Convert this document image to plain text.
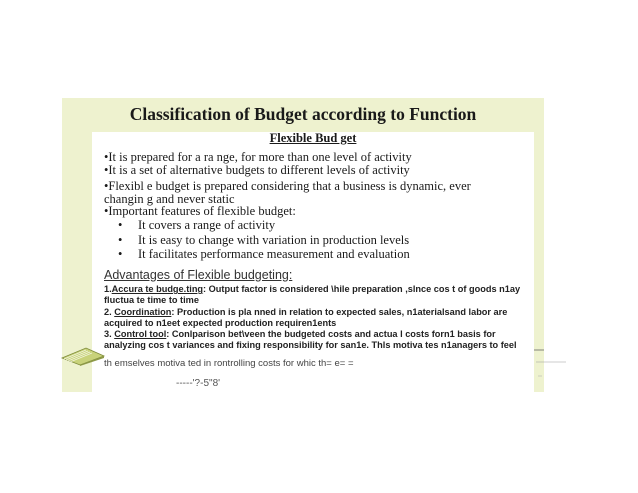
Classification of Budget according to Function
Flexible Bud get
•It is prepared for a ra nge, for more than one level of activity
•It is a set of alternative budgets to different levels of activity
•Flexibl e budget is prepared considering that a business is dynamic, ever
changin g and never static
•Important features of flexible budget:
• It covers a range of activity
• It is easy to change with variation in production levels
• It facilitates performance measurement and evaluation
Advantages of Flexible budgeting:
1.Accura te budge.ting: Output factor is considered \hile preparation ,slnce cos t of goods n1ay
fluctua te time to time
2. Coordination: Production is pla nned in relation to expected sales, n1aterialsand labor are
acquired to n1eet expected production requiren1ents
3. Control tool: Conlparison bet\veen the budgeted costs and actua l costs forn1 basis for
analyzing cos t variances and fixing responsibility for san1e. Thls motiva tes n1anagers to feel
th emselves motiva ted in rontrolling costs for whic th= e= =
-----'?-5"8'
